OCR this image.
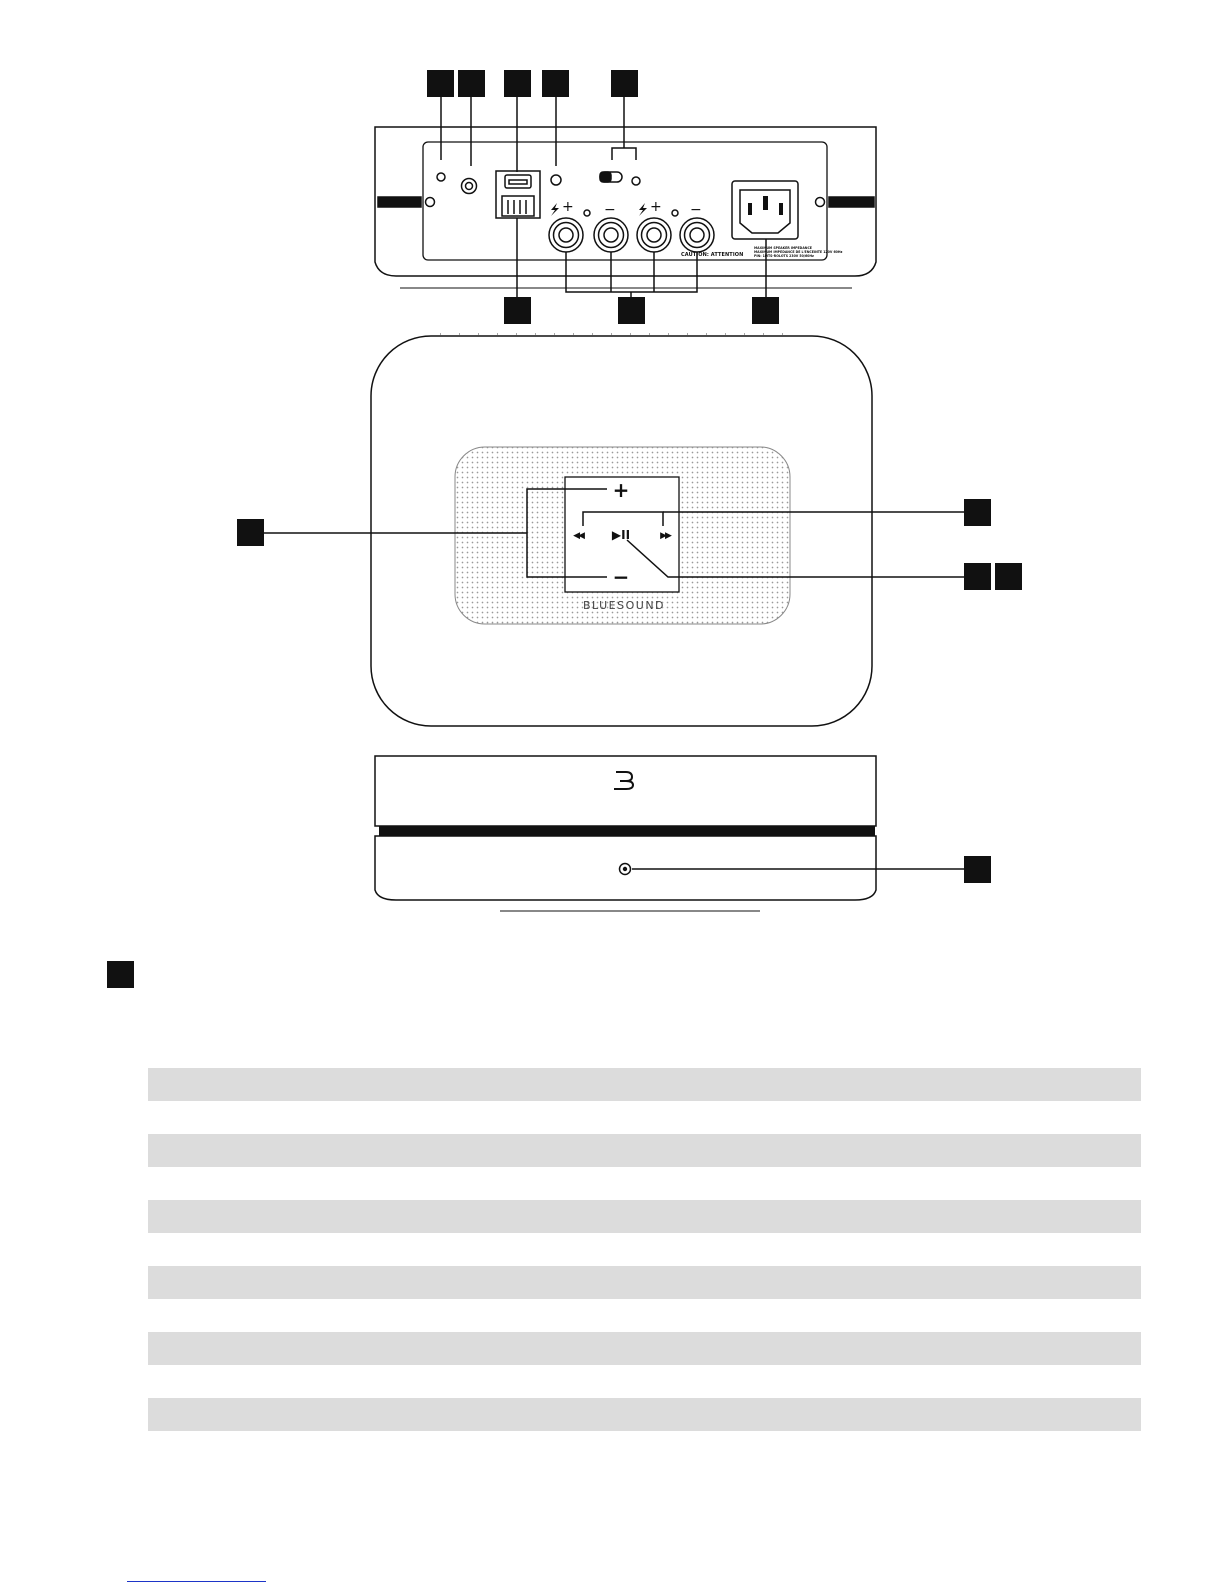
+ − + −
+
−
◀◀ ▶II	▶▶
MAXIMUM SPEAKER IMPEDANCE
MAXIMUM IMPEDANCE DE L'ENCEINTE 120V 60Hz
PIN: 1MTS-ROLOTS 230V 50/60Hz
CAUTION: ATTENTION
BLUESOUND
